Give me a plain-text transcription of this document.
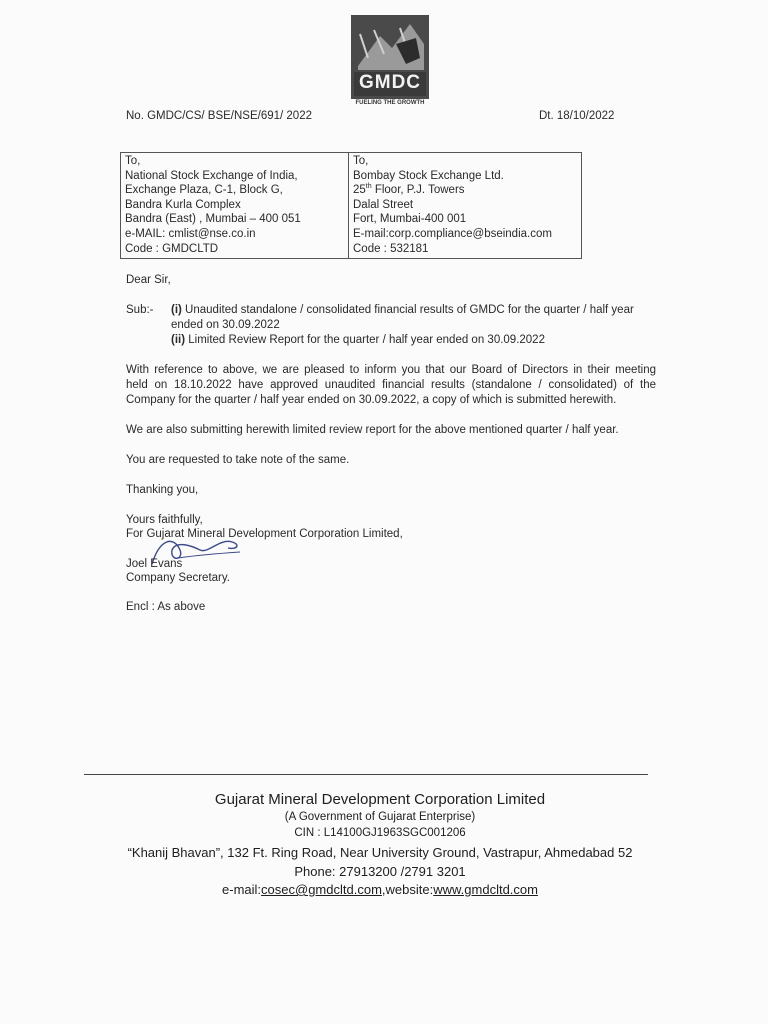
GMDC
FUELING THE GROWTH
No. GMDC/CS/ BSE/NSE/691/ 2022	Dt. 18/10/2022
To,
National Stock Exchange of India,
Exchange Plaza, C-1, Block G,
Bandra Kurla Complex
Bandra (East) , Mumbai – 400 051
e-MAIL: cmlist@nse.co.in
Code : GMDCLTD
To,
Bombay Stock Exchange Ltd.
25th Floor, P.J. Towers
Dalal Street
Fort, Mumbai-400 001
E-mail:corp.compliance@bseindia.com
Code : 532181
Dear Sir,
Sub:- (i) Unaudited standalone / consolidated financial results of GMDC for the quarter / half year
ended on 30.09.2022
(ii) Limited Review Report for the quarter / half year ended on 30.09.2022
With reference to above, we are pleased to inform you that our Board of Directors in their meeting
held on 18.10.2022 have approved unaudited financial results (standalone / consolidated) of the
Company for the quarter / half year ended on 30.09.2022, a copy of which is submitted herewith.
We are also submitting herewith limited review report for the above mentioned quarter / half year.
You are requested to take note of the same.
Thanking you,
Yours faithfully,
For Gujarat Mineral Development Corporation Limited,
Joel Evans
Company Secretary.
Encl : As above
Gujarat Mineral Development Corporation Limited
(A Government of Gujarat Enterprise)
CIN : L14100GJ1963SGC001206
“Khanij Bhavan”, 132 Ft. Ring Road, Near University Ground, Vastrapur, Ahmedabad 52
Phone: 27913200 /2791 3201
e-mail:cosec@gmdcltd.com,website:www.gmdcltd.com
